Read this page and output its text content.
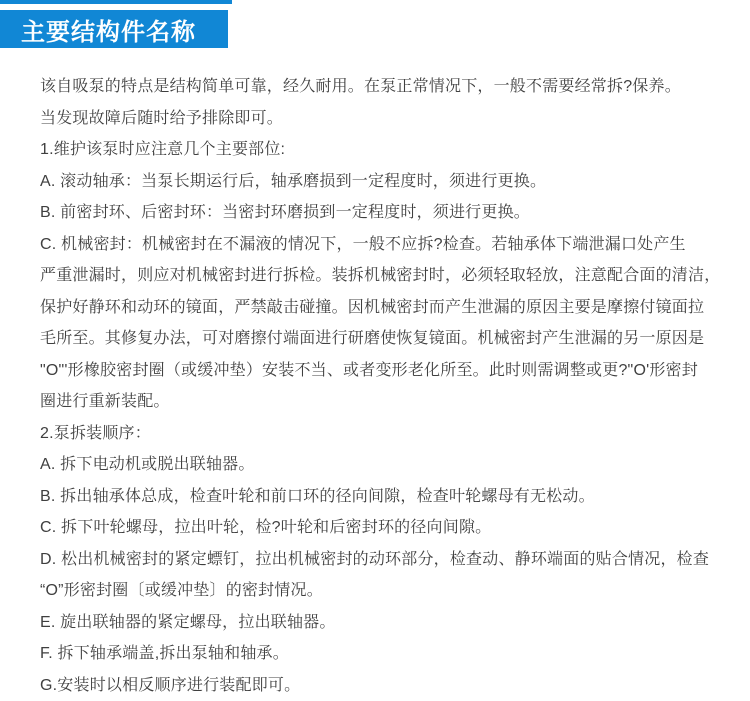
主要结构件名称
该自吸泵的特点是结构简单可靠，经久耐用。在泵正常情况下，一般不需要经常拆?保养。
当发现故障后随时给予排除即可。
1.维护该泵时应注意几个主要部位:
A. 滚动轴承：当泵长期运行后，轴承磨损到一定程度时，须进行更换。
B. 前密封环、后密封环：当密封环磨损到一定程度时，须进行更换。
C. 机械密封：机械密封在不漏液的情况下，一般不应拆?检查。若轴承体下端泄漏口处产生
严重泄漏时，则应对机械密封进行拆检。装拆机械密封时，必须轻取轻放，注意配合面的清洁，
保护好静环和动环的镜面，严禁敲击碰撞。因机械密封而产生泄漏的原因主要是摩擦付镜面拉
毛所至。其修复办法，可对磨擦付端面进行研磨使恢复镜面。机械密封产生泄漏的另一原因是
"O"'形橡胶密封圈（或缓冲垫）安装不当、或者变形老化所至。此时则需调整或更?"O'形密封
圈进行重新装配。
2.泵拆装顺序：
A. 拆下电动机或脱出联轴器。
B. 拆出轴承体总成，检查叶轮和前口环的径向间隙，检查叶轮螺母有无松动。
C. 拆下叶轮螺母，拉出叶轮，检?叶轮和后密封环的径向间隙。
D. 松出机械密封的紧定螵钉，拉出机械密封的动环部分，检查动、静环端面的贴合情况，检查
“O”形密封圈〔或缓冲垫〕的密封情况。
E. 旋出联轴器的紧定螺母，拉出联轴器。
F. 拆下轴承端盖,拆出泵轴和轴承。
G.安装时以相反顺序进行装配即可。
